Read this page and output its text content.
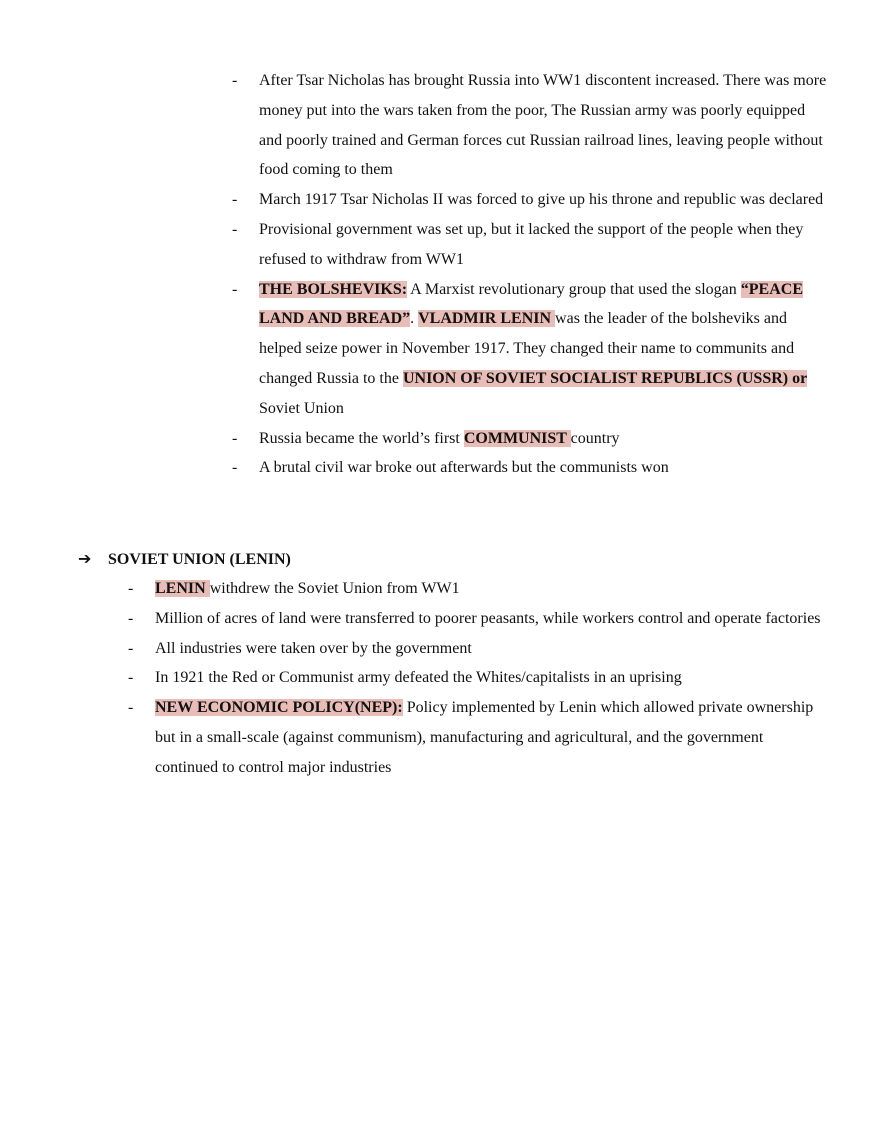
- After Tsar Nicholas has brought Russia into WW1 discontent increased. There was more money put into the wars taken from the poor, The Russian army was poorly equipped and poorly trained and German forces cut Russian railroad lines, leaving people without food coming to them
- March 1917 Tsar Nicholas II was forced to give up his throne and republic was declared
- Provisional government was set up, but it lacked the support of the people when they refused to withdraw from WW1
- THE BOLSHEVIKS: A Marxist revolutionary group that used the slogan “PEACE LAND AND BREAD”. VLADMIR LENIN was the leader of the bolsheviks and helped seize power in November 1917. They changed their name to communits and changed Russia to the UNION OF SOVIET SOCIALIST REPUBLICS (USSR) or Soviet Union
- Russia became the world’s first COMMUNIST country
- A brutal civil war broke out afterwards but the communists won
➔ SOVIET UNION (LENIN)
- LENIN withdrew the Soviet Union from WW1
- Million of acres of land were transferred to poorer peasants, while workers control and operate factories
- All industries were taken over by the government
- In 1921 the Red or Communist army defeated the Whites/capitalists in an uprising
- NEW ECONOMIC POLICY(NEP): Policy implemented by Lenin which allowed private ownership but in a small-scale (against communism), manufacturing and agricultural, and the government continued to control major industries
